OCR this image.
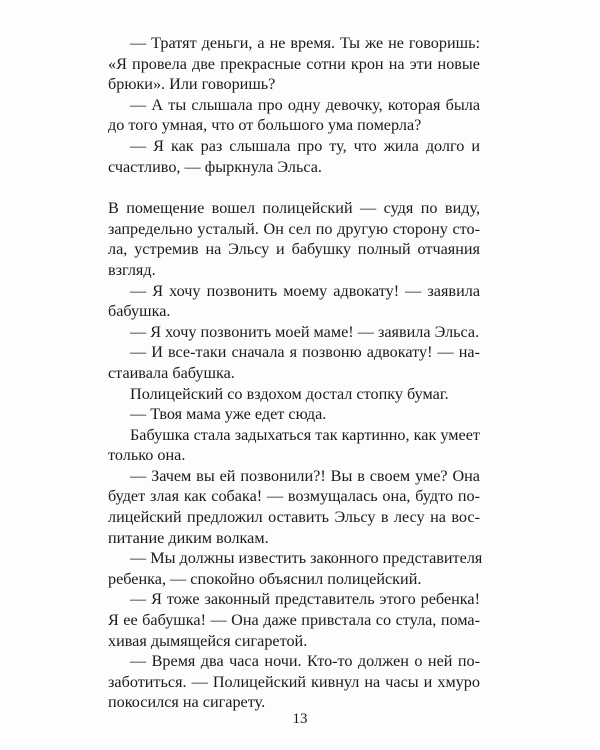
— Тратят деньги, а не время. Ты же не говоришь:
«Я провела две прекрасные сотни крон на эти новые
брюки». Или говоришь?
— А ты слышала про одну девочку, которая была
до того умная, что от большого ума померла?
— Я как раз слышала про ту, что жила долго и
счастливо, — фыркнула Эльса.
В помещение вошел полицейский — судя по виду,
запредельно усталый. Он сел по другую сторону сто-
ла, устремив на Эльсу и бабушку полный отчаяния
взгляд.
— Я хочу позвонить моему адвокату! — заявила
бабушка.
— Я хочу позвонить моей маме! — заявила Эльса.
— И все-таки сначала я позвоню адвокату! — на-
стаивала бабушка.
Полицейский со вздохом достал стопку бумаг.
— Твоя мама уже едет сюда.
Бабушка стала задыхаться так картинно, как умеет
только она.
— Зачем вы ей позвонили?! Вы в своем уме? Она
будет злая как собака! — возмущалась она, будто по-
лицейский предложил оставить Эльсу в лесу на вос-
питание диким волкам.
— Мы должны известить законного представителя
ребенка, — спокойно объяснил полицейский.
— Я тоже законный представитель этого ребенка!
Я ее бабушка! — Она даже привстала со стула, пома-
хивая дымящейся сигаретой.
— Время два часа ночи. Кто-то должен о ней по-
заботиться. — Полицейский кивнул на часы и хмуро
покосился на сигарету.
13
